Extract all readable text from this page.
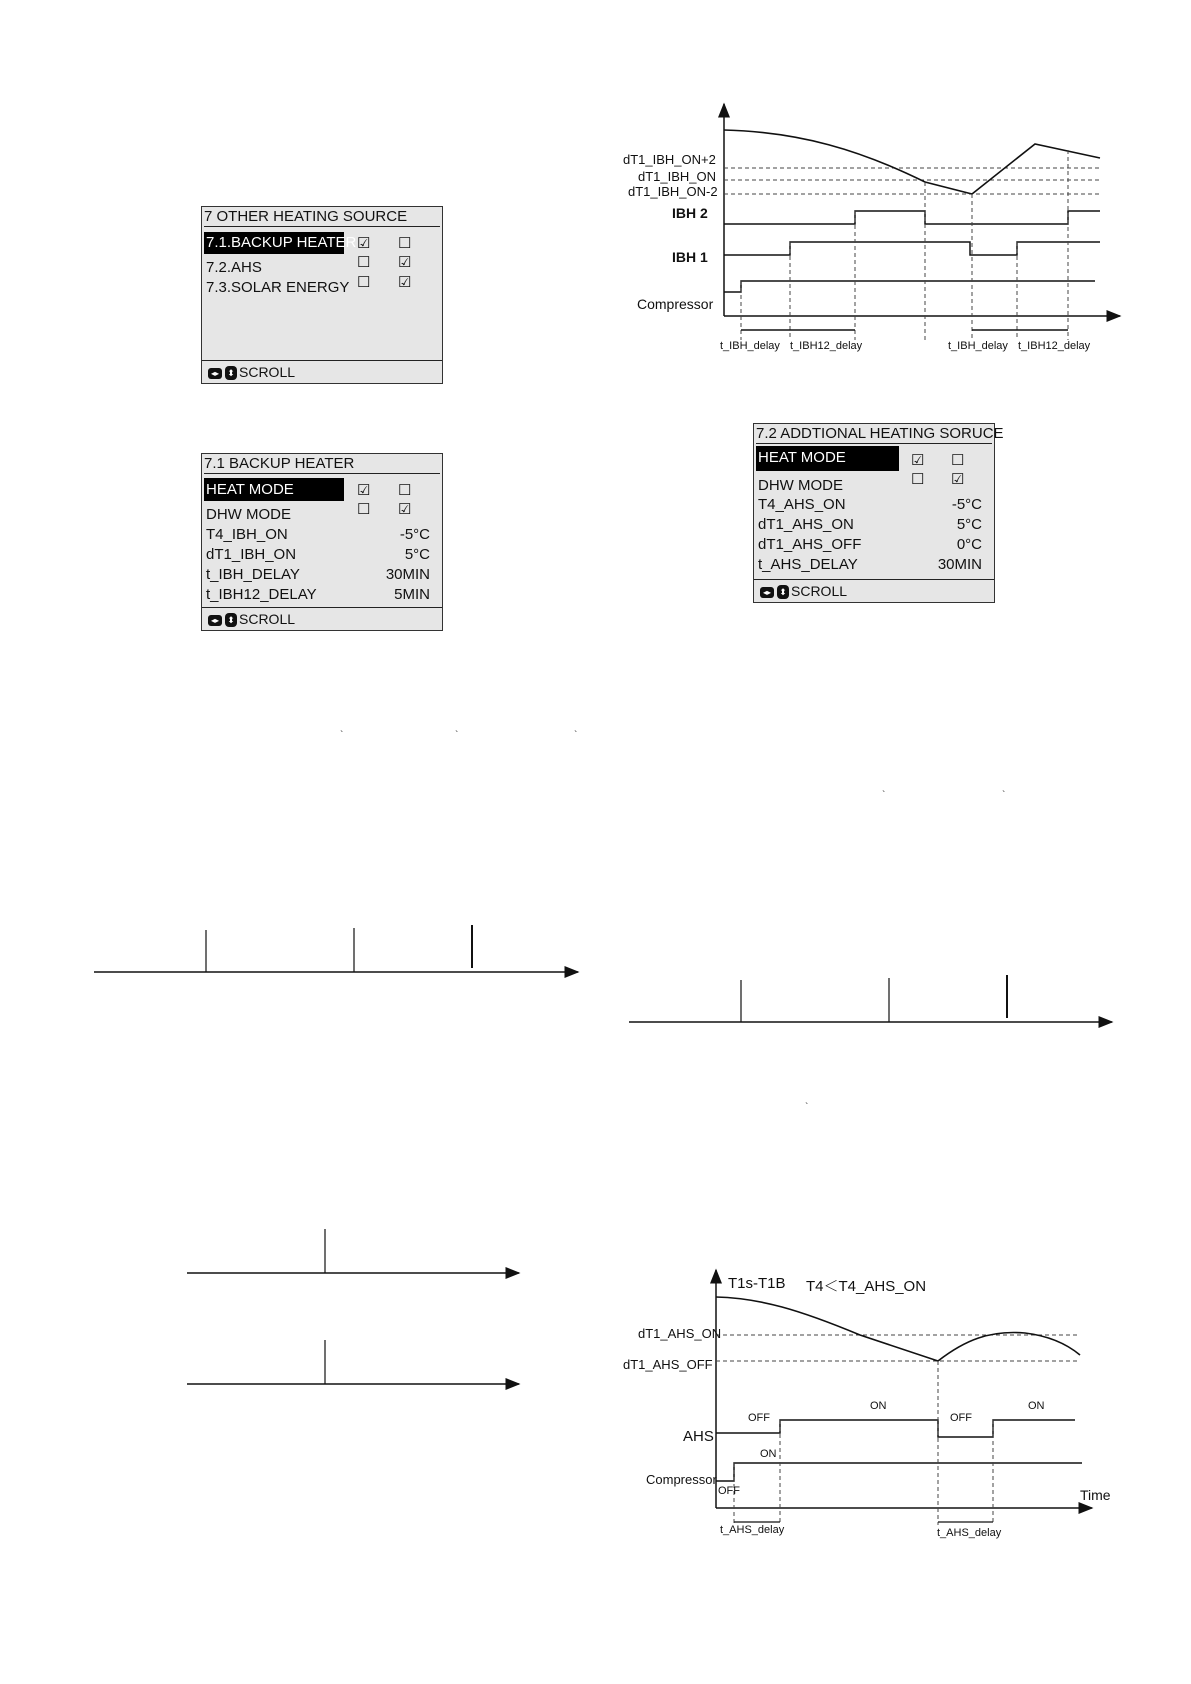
7 OTHER HEATING SOURCE
7.1.BACKUP HEATER ☑ ☐
7.2.AHS	☐ ☑
7.3.SOLAR ENERGY ☐ ☑
◂▸ ⬍ SCROLL
7.1 BACKUP HEATER
HEAT MODE	☑ ☐
DHW MODE	☐ ☑
T4_IBH_ON	-5°C
dT1_IBH_ON	5°C
t_IBH_DELAY	30MIN
t_IBH12_DELAY	5MIN
◂▸ ⬍ SCROLL
7.2 ADDTIONAL HEATING SORUCE
HEAT MODE	☑ ☐
DHW MODE	☐ ☑
T4_AHS_ON	-5°C
dT1_AHS_ON	5°C
dT1_AHS_OFF	0°C
t_AHS_DELAY	30MIN
◂▸ ⬍ SCROLL
dT1_IBH_ON+2
dT1_IBH_ON
dT1_IBH_ON-2
IBH 2
IBH 1
Compressor
t_IBH_delay t_IBH12_delay	t_IBH_delay t_IBH12_delay
`	`	`
`	`
`
T1s-T1B T4＜T4_AHS_ON
dT1_AHS_ON
dT1_AHS_OFF
AHS
Compressor
Time
OFF
ON
OFF
ON
ON
OFF
t_AHS_delay	t_AHS_delay
